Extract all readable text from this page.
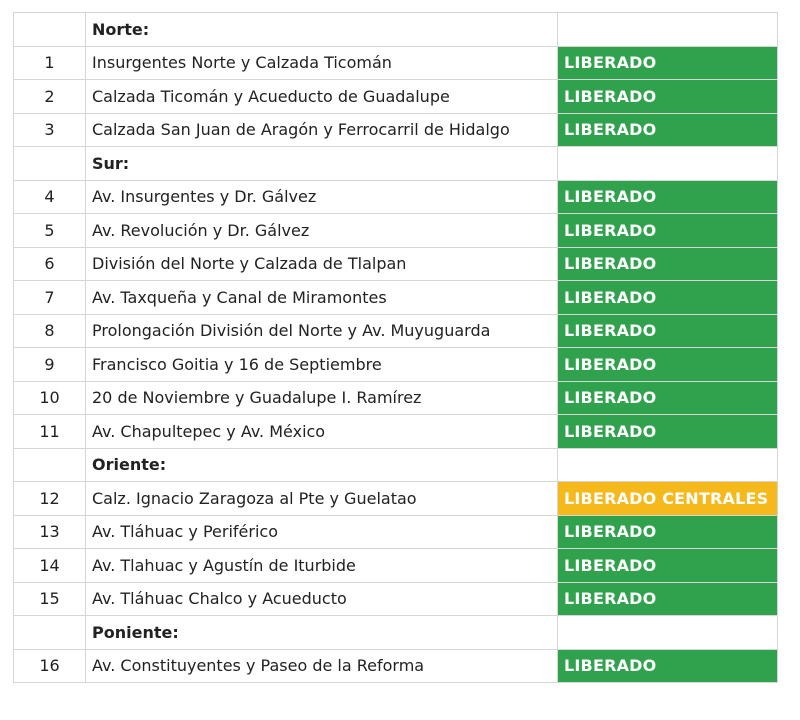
	Norte:	
1	Insurgentes Norte y Calzada Ticomán	LIBERADO
2	Calzada Ticomán y Acueducto de Guadalupe	LIBERADO
3	Calzada San Juan de Aragón y Ferrocarril de Hidalgo	LIBERADO
	Sur:	
4	Av. Insurgentes y Dr. Gálvez	LIBERADO
5	Av. Revolución y Dr. Gálvez	LIBERADO
6	División del Norte y Calzada de Tlalpan	LIBERADO
7	Av. Taxqueña y Canal de Miramontes	LIBERADO
8	Prolongación División del Norte y Av. Muyuguarda	LIBERADO
9	Francisco Goitia y 16 de Septiembre	LIBERADO
10	20 de Noviembre y Guadalupe I. Ramírez	LIBERADO
11	Av. Chapultepec y Av. México	LIBERADO
	Oriente:	
12	Calz. Ignacio Zaragoza al Pte y Guelatao	LIBERADO CENTRALES
13	Av. Tláhuac y Periférico	LIBERADO
14	Av. Tlahuac y Agustín de Iturbide	LIBERADO
15	Av. Tláhuac Chalco y Acueducto	LIBERADO
	Poniente:	
16	Av. Constituyentes y Paseo de la Reforma	LIBERADO
